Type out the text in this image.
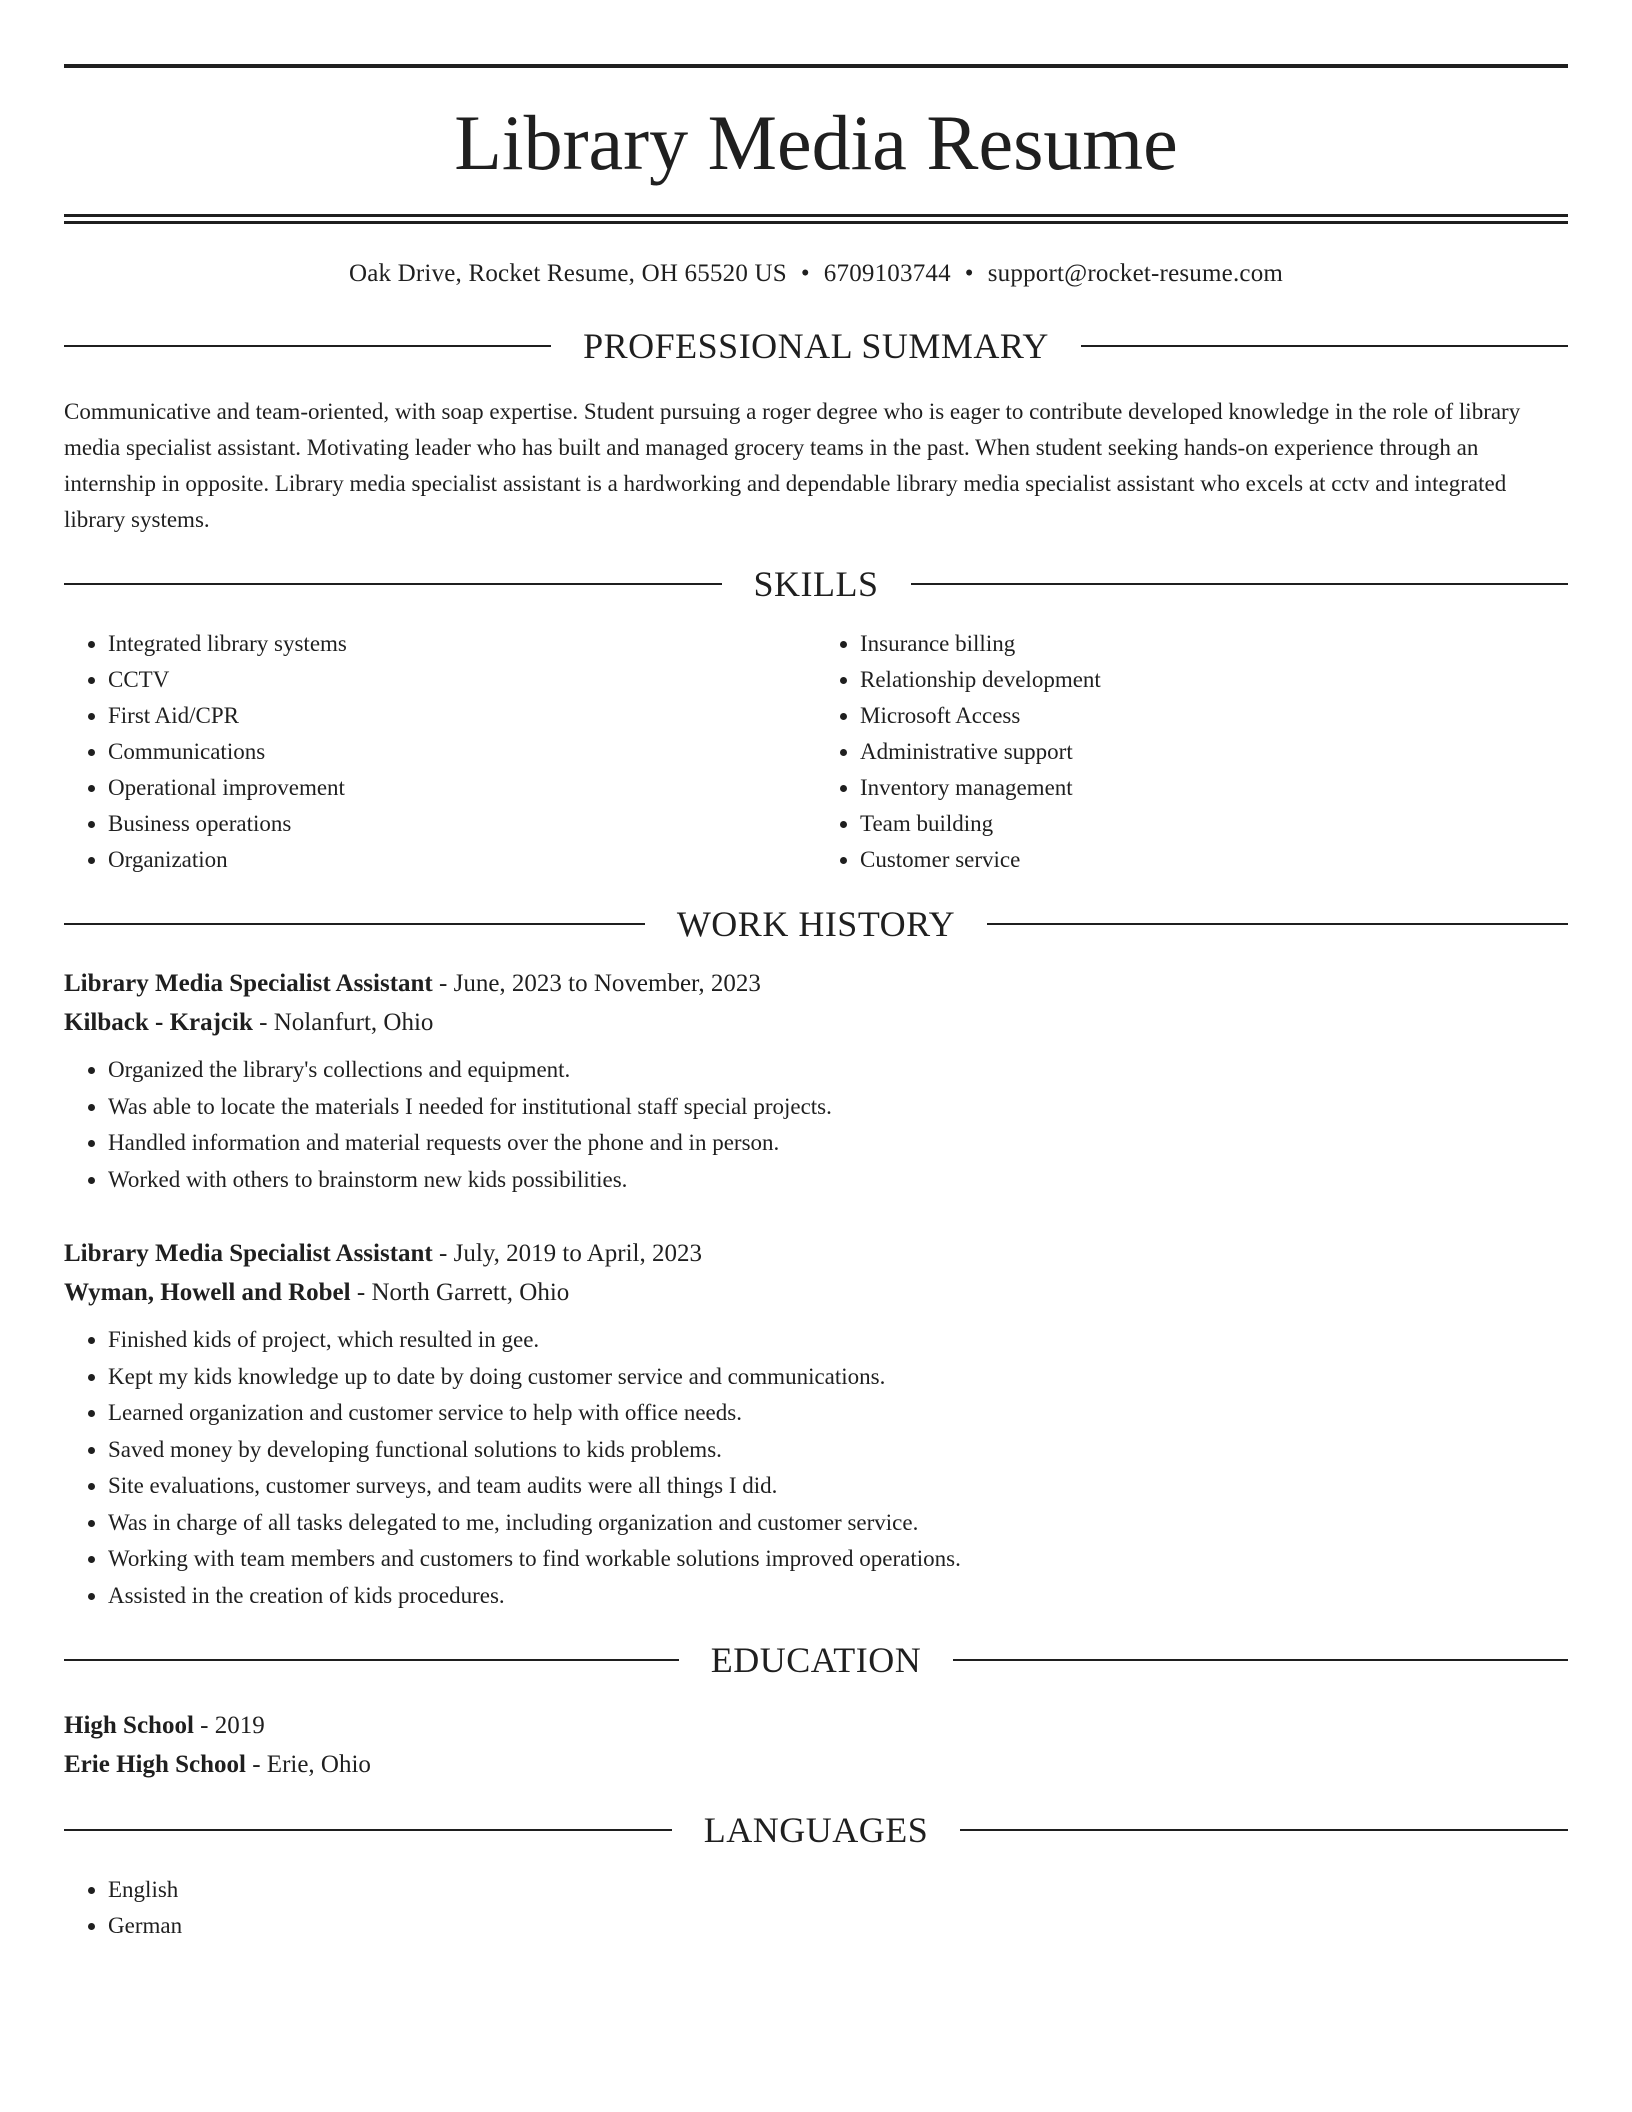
Library Media Resume
Oak Drive, Rocket Resume, OH 65520 US • 6709103744 • support@rocket-resume.com
PROFESSIONAL SUMMARY

Communicative and team-oriented, with soap expertise. Student pursuing a roger degree who is eager to contribute developed knowledge in the role of library media specialist assistant. Motivating leader who has built and managed grocery teams in the past. When student seeking hands-on experience through an internship in opposite. Library media specialist assistant is a hardworking and dependable library media specialist assistant who excels at cctv and integrated library systems.

SKILLS
• Integrated library systems
• CCTV
• First Aid/CPR
• Communications
• Operational improvement
• Business operations
• Organization
• Insurance billing
• Relationship development
• Microsoft Access
• Administrative support
• Inventory management
• Team building
• Customer service
WORK HISTORY
Library Media Specialist Assistant - June, 2023 to November, 2023
Kilback - Krajcik - Nolanfurt, Ohio
• Organized the library's collections and equipment.
• Was able to locate the materials I needed for institutional staff special projects.
• Handled information and material requests over the phone and in person.
• Worked with others to brainstorm new kids possibilities.
Library Media Specialist Assistant - July, 2019 to April, 2023
Wyman, Howell and Robel - North Garrett, Ohio
• Finished kids of project, which resulted in gee.
• Kept my kids knowledge up to date by doing customer service and communications.
• Learned organization and customer service to help with office needs.
• Saved money by developing functional solutions to kids problems.
• Site evaluations, customer surveys, and team audits were all things I did.
• Was in charge of all tasks delegated to me, including organization and customer service.
• Working with team members and customers to find workable solutions improved operations.
• Assisted in the creation of kids procedures.
EDUCATION
High School - 2019
Erie High School - Erie, Ohio
LANGUAGES
• English
• German
